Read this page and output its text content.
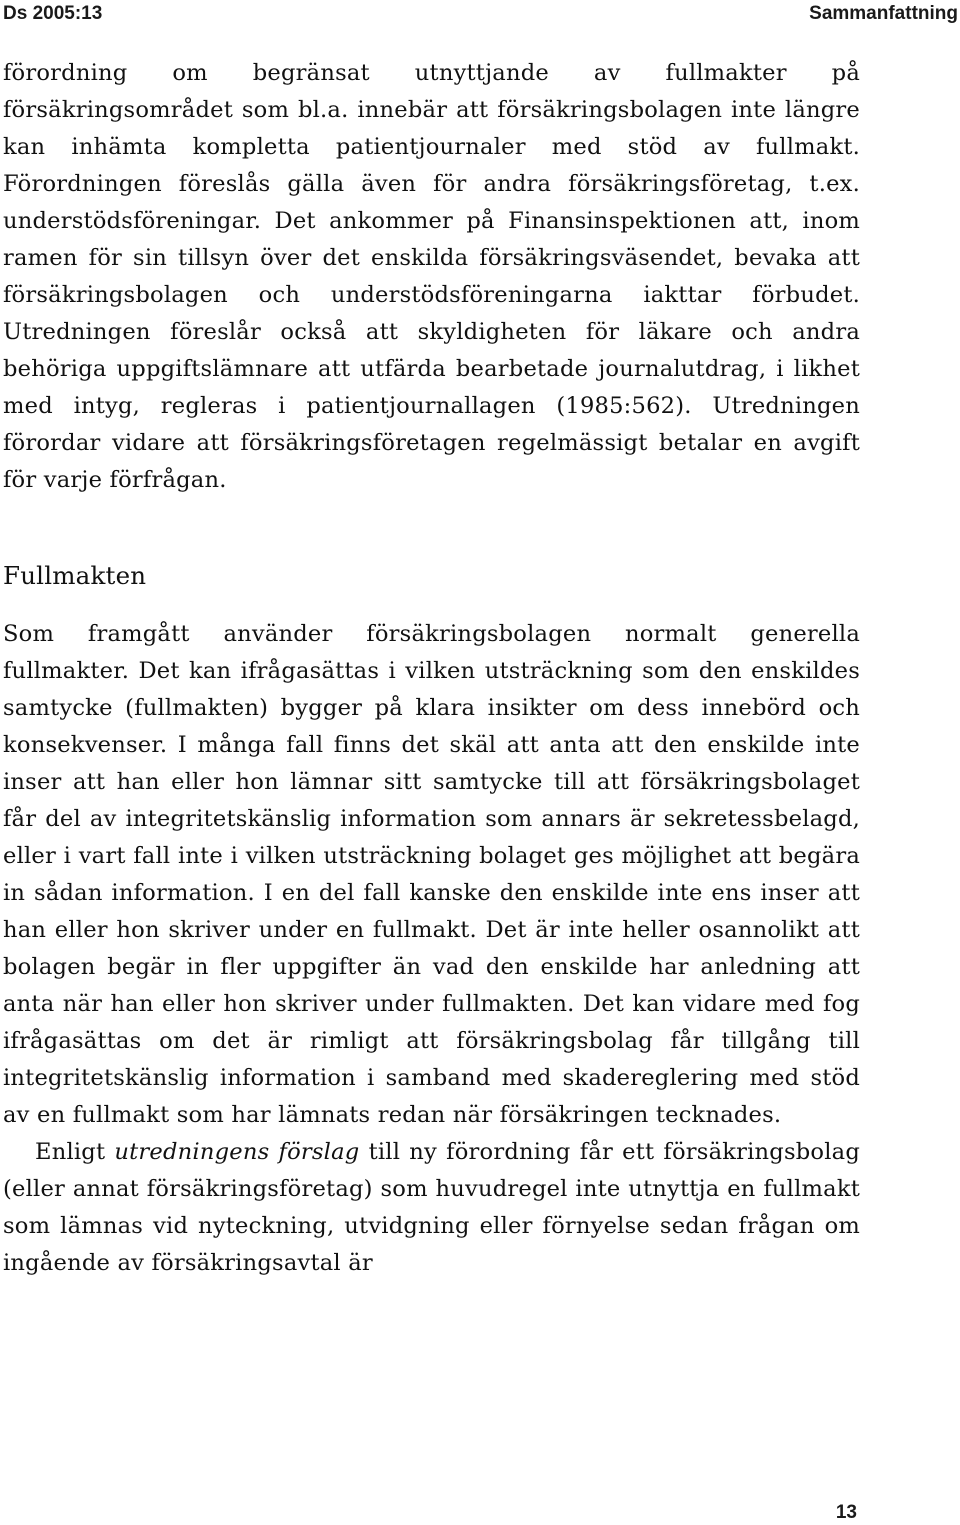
Ds 2005:13	Sammanfattning

förordning om begränsat utnyttjande av fullmakter på försäkringsområdet som bl.a. innebär att försäkringsbolagen inte längre kan inhämta kompletta patientjournaler med stöd av fullmakt. Förordningen föreslås gälla även för andra försäkringsföretag, t.ex. understödsföreningar. Det ankommer på Finansinspektionen att, inom ramen för sin tillsyn över det enskilda försäkringsväsendet, bevaka att försäkringsbolagen och understödsföreningarna iakttar förbudet. Utredningen föreslår också att skyldigheten för läkare och andra behöriga uppgiftslämnare att utfärda bearbetade journalutdrag, i likhet med intyg, regleras i patientjournallagen (1985:562). Utredningen förordar vidare att försäkringsföretagen regelmässigt betalar en avgift för varje förfrågan.

Fullmakten

Som framgått använder försäkringsbolagen normalt generella fullmakter. Det kan ifrågasättas i vilken utsträckning som den enskildes samtycke (fullmakten) bygger på klara insikter om dess innebörd och konsekvenser. I många fall finns det skäl att anta att den enskilde inte inser att han eller hon lämnar sitt samtycke till att försäkringsbolaget får del av integritetskänslig information som annars är sekretessbelagd, eller i vart fall inte i vilken utsträckning bolaget ges möjlighet att begära in sådan information. I en del fall kanske den enskilde inte ens inser att han eller hon skriver under en fullmakt. Det är inte heller osannolikt att bolagen begär in fler uppgifter än vad den enskilde har anledning att anta när han eller hon skriver under fullmakten. Det kan vidare med fog ifrågasättas om det är rimligt att försäkringsbolag får tillgång till integritetskänslig information i samband med skadereglering med stöd av en fullmakt som har lämnats redan när försäkringen tecknades.

Enligt utredningens förslag till ny förordning får ett försäkringsbolag (eller annat försäkringsföretag) som huvudregel inte utnyttja en fullmakt som lämnas vid nyteckning, utvidgning eller förnyelse sedan frågan om ingående av försäkringsavtal är

13
